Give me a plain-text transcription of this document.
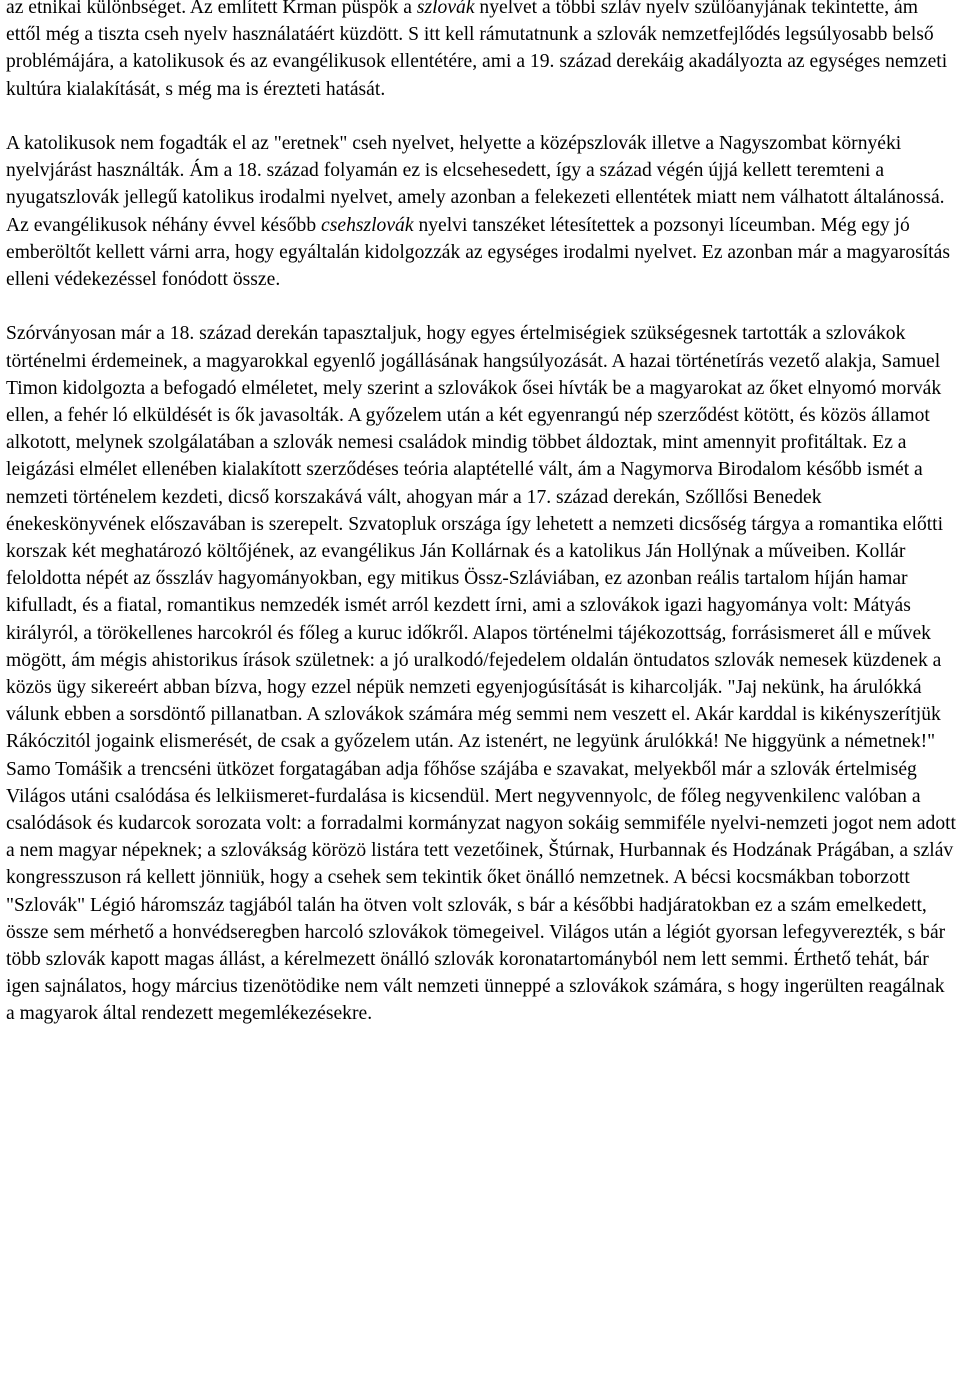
az etnikai különbséget. Az említett Krman püspök a szlovák nyelvet a többi szláv nyelv szülőanyjának tekintette, ám ettől még a tiszta cseh nyelv használatáért küzdött. S itt kell rámutatnunk a szlovák nemzetfejlődés legsúlyosabb belső problémájára, a katolikusok és az evangélikusok ellentétére, ami a 19. század derekáig akadályozta az egységes nemzeti kultúra kialakítását, s még ma is érezteti hatását.

A katolikusok nem fogadták el az "eretnek" cseh nyelvet, helyette a középszlovák illetve a Nagyszombat környéki nyelvjárást használták. Ám a 18. század folyamán ez is elcsehesedett, így a század végén újjá kellett teremteni a nyugatszlovák jellegű katolikus irodalmi nyelvet, amely azonban a felekezeti ellentétek miatt nem válhatott általánossá. Az evangélikusok néhány évvel később csehszlovák nyelvi tanszéket létesítettek a pozsonyi líceumban. Még egy jó emberöltőt kellett várni arra, hogy egyáltalán kidolgozzák az egységes irodalmi nyelvet. Ez azonban már a magyarosítás elleni védekezéssel fonódott össze.

Szórványosan már a 18. század derekán tapasztaljuk, hogy egyes értelmiségiek szükségesnek tartották a szlovákok történelmi érdemeinek, a magyarokkal egyenlő jogállásának hangsúlyozását. A hazai történetírás vezető alakja, Samuel Timon kidolgozta a befogadó elméletet, mely szerint a szlovákok ősei hívták be a magyarokat az őket elnyomó morvák ellen, a fehér ló elküldését is ők javasolták. A győzelem után a két egyenrangú nép szerződést kötött, és közös államot alkotott, melynek szolgálatában a szlovák nemesi családok mindig többet áldoztak, mint amennyit profitáltak. Ez a leigázási elmélet ellenében kialakított szerződéses teória alaptétellé vált, ám a Nagymorva Birodalom később ismét a nemzeti történelem kezdeti, dicső korszakává vált, ahogyan már a 17. század derekán, Szőllősi Benedek énekeskönyvének előszavában is szerepelt. Szvatopluk országa így lehetett a nemzeti dicsőség tárgya a romantika előtti korszak két meghatározó költőjének, az evangélikus Ján Kollárnak és a katolikus Ján Hollýnak a műveiben. Kollár feloldotta népét az ősszláv hagyományokban, egy mitikus Össz-Szláviában, ez azonban reális tartalom híján hamar kifulladt, és a fiatal, romantikus nemzedék ismét arról kezdett írni, ami a szlovákok igazi hagyománya volt: Mátyás királyról, a törökellenes harcokról és főleg a kuruc időkről. Alapos történelmi tájékozottság, forrásismeret áll e művek mögött, ám mégis ahistorikus írások születnek: a jó uralkodó/fejedelem oldalán öntudatos szlovák nemesek küzdenek a közös ügy sikereért abban bízva, hogy ezzel népük nemzeti egyenjogúsítását is kiharcolják. "Jaj nekünk, ha árulókká válunk ebben a sorsdöntő pillanatban. A szlovákok számára még semmi nem veszett el. Akár karddal is kikényszerítjük Rákóczitól jogaink elismerését, de csak a győzelem után. Az istenért, ne legyünk árulókká! Ne higgyünk a németnek!" Samo Tomášik a trencséni ütközet forgatagában adja főhőse szájába e szavakat, melyekből már a szlovák értelmiség Világos utáni csalódása és lelkiismeret-furdalása is kicsendül. Mert negyvennyolc, de főleg negyvenkilenc valóban a csalódások és kudarcok sorozata volt: a forradalmi kormányzat nagyon sokáig semmiféle nyelvi-nemzeti jogot nem adott a nem magyar népeknek; a szlovákság körözö listára tett vezetőinek, Štúrnak, Hurbannak és Hodzának Prágában, a szláv kongresszuson rá kellett jönniük, hogy a csehek sem tekintik őket önálló nemzetnek. A bécsi kocsmákban toborzott "Szlovák" Légió háromszáz tagjából talán ha ötven volt szlovák, s bár a későbbi hadjáratokban ez a szám emelkedett, össze sem mérhető a honvédseregben harcoló szlovákok tömegeivel. Világos után a légiót gyorsan lefegyverezték, s bár több szlovák kapott magas állást, a kérelmezett önálló szlovák koronatartományból nem lett semmi. Érthető tehát, bár igen sajnálatos, hogy március tizenötödike nem vált nemzeti ünneppé a szlovákok számára, s hogy ingerülten reagálnak a magyarok által rendezett megemlékezésekre.
